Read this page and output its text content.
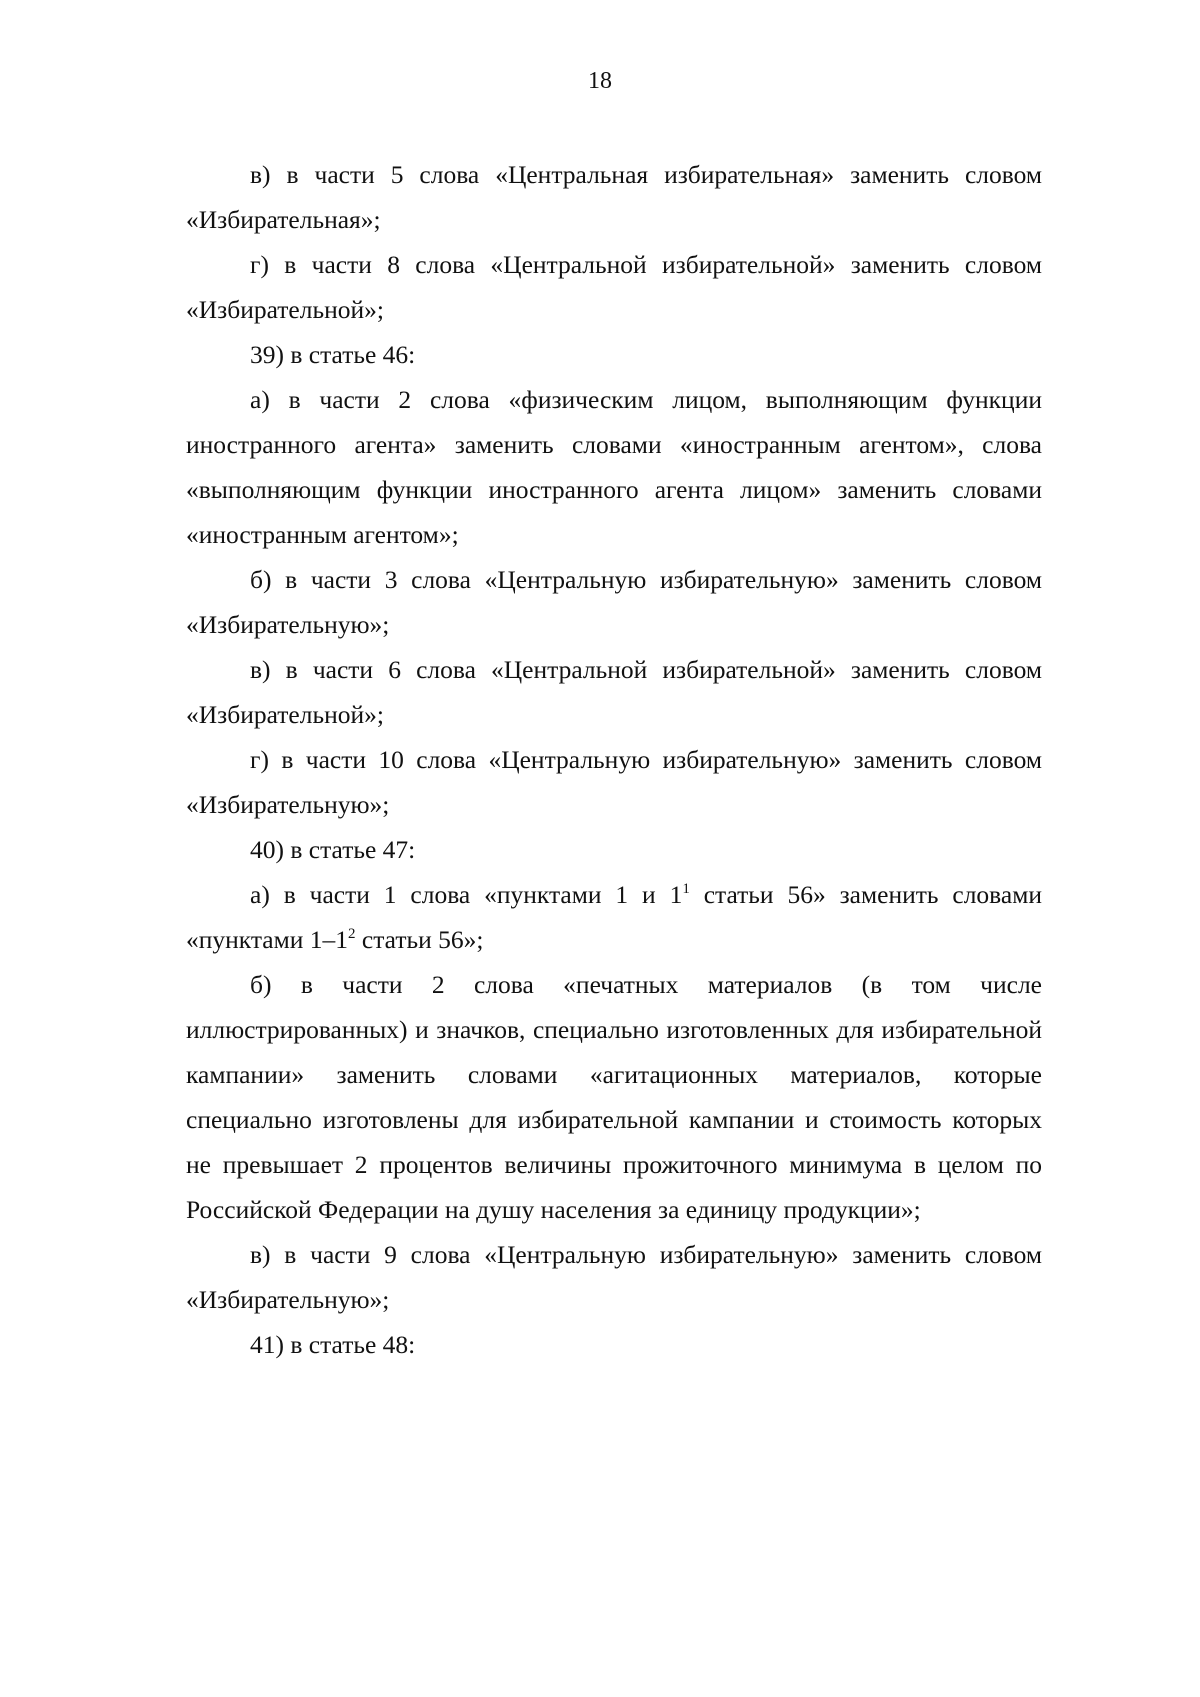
18

в) в части 5 слова «Центральная избирательная» заменить словом «Избирательная»;

г) в части 8 слова «Центральной избирательной» заменить словом «Избирательной»;

39) в статье 46:

а) в части 2 слова «физическим лицом, выполняющим функции иностранного агента» заменить словами «иностранным агентом», слова «выполняющим функции иностранного агента лицом» заменить словами «иностранным агентом»;

б) в части 3 слова «Центральную избирательную» заменить словом «Избирательную»;

в) в части 6 слова «Центральной избирательной» заменить словом «Избирательной»;

г) в части 10 слова «Центральную избирательную» заменить словом «Избирательную»;

40) в статье 47:

а) в части 1 слова «пунктами 1 и $1^1$ статьи 56» заменить словами «пунктами $1-1^2$ статьи 56»;

б) в части 2 слова «печатных материалов (в том числе иллюстрированных) и значков, специально изготовленных для избирательной кампании» заменить словами «агитационных материалов, которые специально изготовлены для избирательной кампании и стоимость которых не превышает 2 процентов величины прожиточного минимума в целом по Российской Федерации на душу населения за единицу продукции»;

в) в части 9 слова «Центральную избирательную» заменить словом «Избирательную»;

41) в статье 48:
